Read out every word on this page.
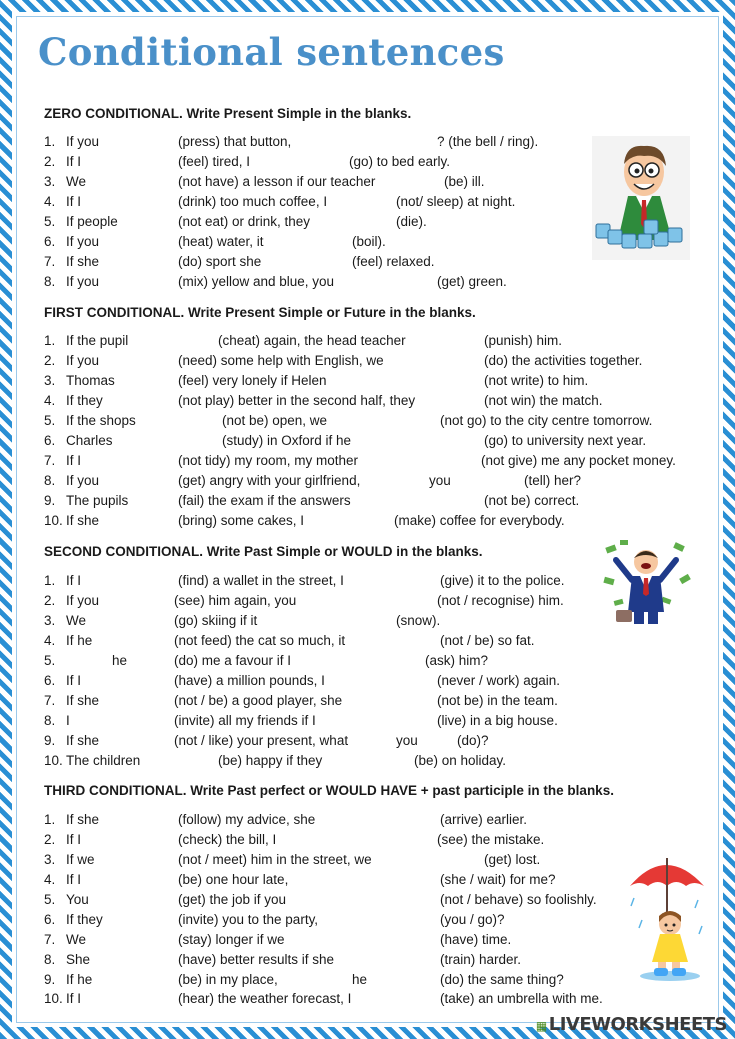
Conditional sentences

ZERO CONDITIONAL. Write Present Simple in the blanks.

1. If you	(press) that button,	? (the bell / ring).
2. If I	(feel) tired, I	(go) to bed early.
3. We	(not have) a lesson if our teacher	(be) ill.
4. If I	(drink) too much coffee, I	(not/ sleep) at night.
5. If people	(not eat) or drink, they	(die).
6. If you	(heat) water, it	(boil).
7. If she	(do) sport she	(feel) relaxed.
8. If you	(mix) yellow and blue, you	(get) green.

FIRST CONDITIONAL. Write Present Simple or Future in the blanks.

1. If the pupil	(cheat) again, the head teacher	(punish) him.
2. If you	(need) some help with English, we	(do) the activities together.
3. Thomas	(feel) very lonely if Helen	(not write) to him.
4. If they	(not play) better in the second half, they	(not win) the match.
5. If the shops	(not be) open, we	(not go) to the city centre tomorrow.
6. Charles	(study) in Oxford if he	(go) to university next year.
7. If I	(not tidy) my room, my mother	(not give) me any pocket money.
8. If you	(get) angry with your girlfriend,	you	(tell) her?
9. The pupils	(fail) the exam if the answers	(not be) correct.
10. If she	(bring) some cakes, I	(make) coffee for everybody.

SECOND CONDITIONAL. Write Past Simple or WOULD in the blanks.

1. If I	(find) a wallet in the street, I	(give) it to the police.
2. If you	(see) him again, you	(not / recognise) him.
3. We	(go) skiing if it	(snow).
4. If he	(not feed) the cat so much, it	(not / be) so fat.
5.	he	(do) me a favour if I	(ask) him?
6. If I	(have) a million pounds, I	(never / work) again.
7. If she	(not / be) a good player, she	(not be) in the team.
8. I	(invite) all my friends if I	(live) in a big house.
9. If she	(not / like) your present, what	you	(do)?
10. The children	(be) happy if they	(be) on holiday.

THIRD CONDITIONAL. Write Past perfect or WOULD HAVE + past participle in the blanks.

1. If she	(follow) my advice, she	(arrive) earlier.
2. If I	(check) the bill, I	(see) the mistake.
3. If we	(not / meet) him in the street, we	(get) lost.
4. If I	(be) one hour late,	(she / wait) for me?
5. You	(get) the job if you	(not / behave) so foolishly.
6. If they	(invite) you to the party,	(you / go)?
7. We	(stay) longer if we	(have) time.
8. She	(have) better results if she	(train) harder.
9. If he	(be) in my place,	he	(do) the same thing?
10. If I	(hear) the weather forecast, I	(take) an umbrella with me.
▦ LIVEWORKSHEETS
